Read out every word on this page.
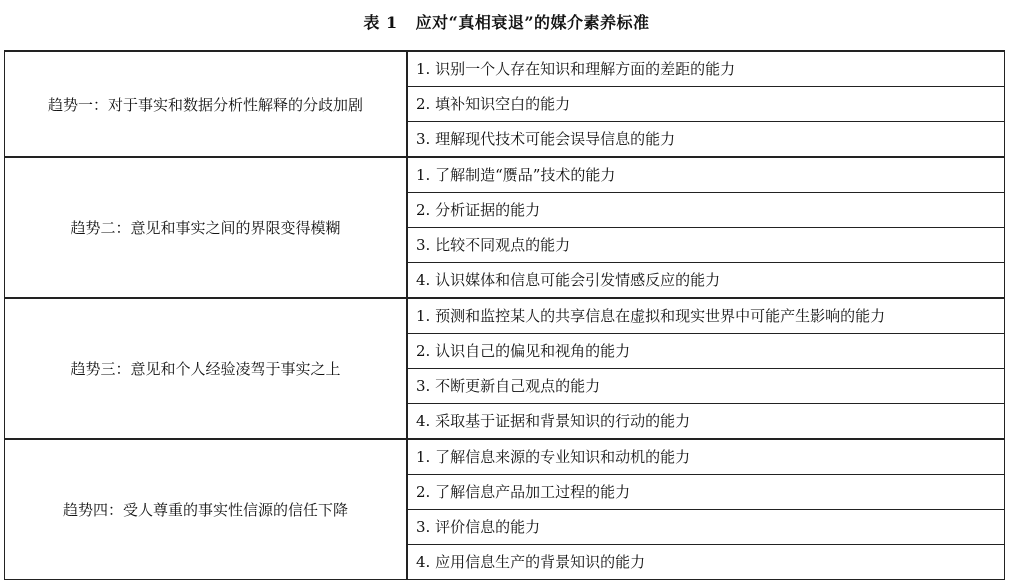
表 1 应对“真相衰退”的媒介素养标准
趋势一：对于事实和数据分析性解释的分歧加剧	1. 识别一个人存在知识和理解方面的差距的能力
	2. 填补知识空白的能力
	3. 理解现代技术可能会误导信息的能力
趋势二：意见和事实之间的界限变得模糊	1. 了解制造“赝品”技术的能力
	2. 分析证据的能力
	3. 比较不同观点的能力
	4. 认识媒体和信息可能会引发情感反应的能力
趋势三：意见和个人经验凌驾于事实之上	1. 预测和监控某人的共享信息在虚拟和现实世界中可能产生影响的能力
	2. 认识自己的偏见和视角的能力
	3. 不断更新自己观点的能力
	4. 采取基于证据和背景知识的行动的能力
趋势四：受人尊重的事实性信源的信任下降	1. 了解信息来源的专业知识和动机的能力
	2. 了解信息产品加工过程的能力
	3. 评价信息的能力
	4. 应用信息生产的背景知识的能力
